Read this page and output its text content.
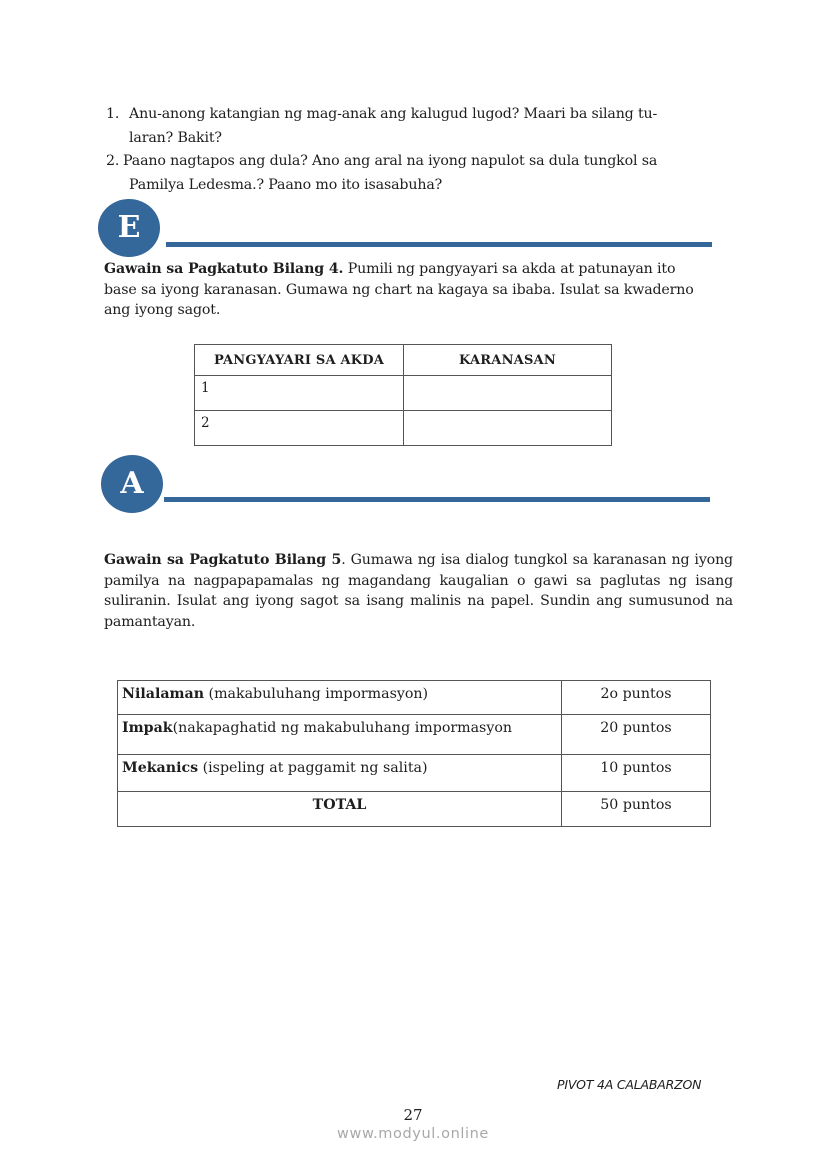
1. Anu-anong katangian ng mag-anak ang kalugud lugod? Maari ba silang tu-
laran? Bakit?
2. Paano nagtapos ang dula? Ano ang aral na iyong napulot sa dula tungkol sa
Pamilya Ledesma.? Paano mo ito isasabuha?
E
Gawain sa Pagkatuto Bilang 4. Pumili ng pangyayari sa akda at patunayan ito base sa iyong karanasan. Gumawa ng chart na kagaya sa ibaba. Isulat sa kwaderno ang iyong sagot.
PANGYAYARI SA AKDA	KARANASAN
1	
2	
A
Gawain sa Pagkatuto Bilang 5. Gumawa ng isa dialog tungkol sa karanasan ng iyong pamilya na nagpapapamalas ng magandang kaugalian o gawi sa paglutas ng isang suliranin. Isulat ang iyong sagot sa isang malinis na papel. Sundin ang sumusunod na pamantayan.
Nilalaman (makabuluhang impormasyon)	2o puntos
Impak(nakapaghatid ng makabuluhang impormasyon	20 puntos
Mekanics (ispeling at paggamit ng salita)	10 puntos
TOTAL	50 puntos
PIVOT 4A CALABARZON
27
www.modyul.online
